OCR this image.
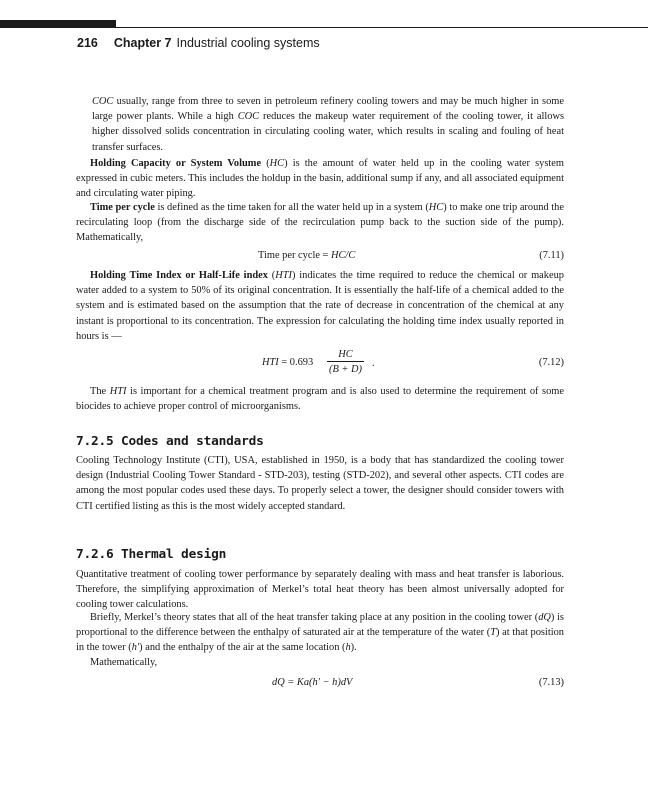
216 Chapter 7 Industrial cooling systems

COC usually, range from three to seven in petroleum refinery cooling towers and may be much higher in some large power plants. While a high COC reduces the makeup water requirement of the cooling tower, it allows higher dissolved solids concentration in circulating cooling water, which results in scaling and fouling of heat transfer surfaces.

Holding Capacity or System Volume (HC) is the amount of water held up in the cooling water system expressed in cubic meters. This includes the holdup in the basin, additional sump if any, and all associated equipment and circulating water piping.

Time per cycle is defined as the time taken for all the water held up in a system (HC) to make one trip around the recirculating loop (from the discharge side of the recirculation pump back to the suction side of the pump). Mathematically,

Time per cycle = HC/C	(7.11)

Holding Time Index or Half-Life index (HTI) indicates the time required to reduce the chemical or makeup water added to a system to 50% of its original concentration. It is essentially the half-life of a chemical added to the system and is estimated based on the assumption that the rate of decrease in concentration of the chemical at any instant is proportional to its concentration. The expression for calculating the holding time index usually reported in hours is —

HTI = 0.693
HC
(B + D)
.	(7.12)

The HTI is important for a chemical treatment program and is also used to determine the requirement of some biocides to achieve proper control of microorganisms.

7.2.5 Codes and standards

Cooling Technology Institute (CTI), USA, established in 1950, is a body that has standardized the cooling tower design (Industrial Cooling Tower Standard - STD-203), testing (STD-202), and several other aspects. CTI codes are among the most popular codes used these days. To properly select a tower, the designer should consider towers with CTI certified listing as this is the most widely accepted standard.

7.2.6 Thermal design

Quantitative treatment of cooling tower performance by separately dealing with mass and heat transfer is laborious. Therefore, the simplifying approximation of Merkel’s total heat theory has been almost universally adopted for cooling tower calculations.

Briefly, Merkel’s theory states that all of the heat transfer taking place at any position in the cooling tower (dQ) is proportional to the difference between the enthalpy of saturated air at the temperature of the water (T) at that position in the tower (h′) and the enthalpy of the air at the same location (h).

Mathematically,

dQ = Ka(h′ − h)dV	(7.13)
